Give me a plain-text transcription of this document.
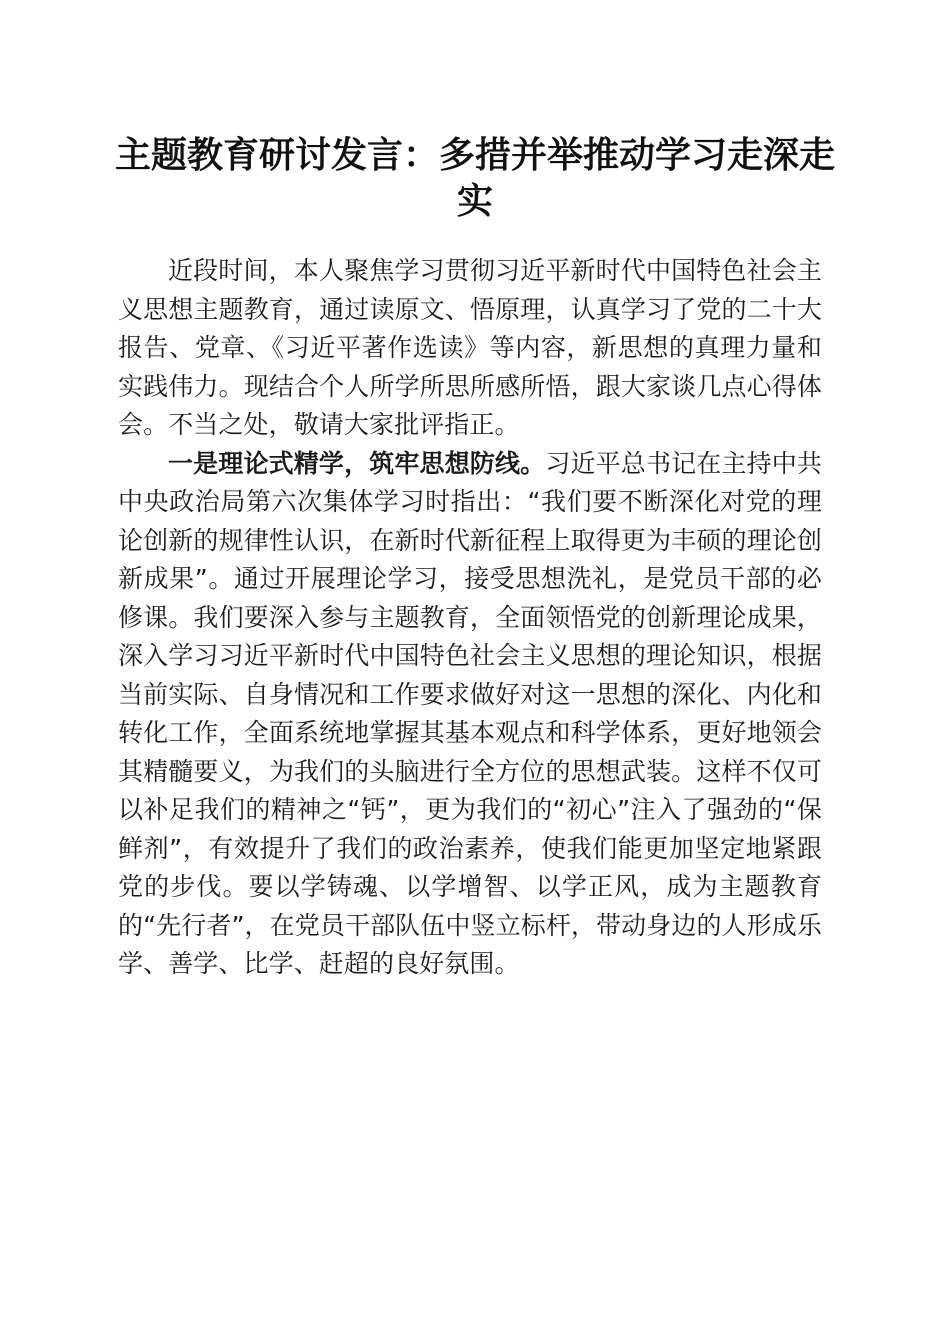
主题教育研讨发言：多措并举推动学习走深走实

近段时间，本人聚焦学习贯彻习近平新时代中国特色社会主义思想主题教育，通过读原文、悟原理，认真学习了党的二十大报告、党章、《习近平著作选读》等内容，新思想的真理力量和实践伟力。现结合个人所学所思所感所悟，跟大家谈几点心得体会。不当之处，敬请大家批评指正。

一是理论式精学，筑牢思想防线。习近平总书记在主持中共中央政治局第六次集体学习时指出：“我们要不断深化对党的理论创新的规律性认识，在新时代新征程上取得更为丰硕的理论创新成果”。通过开展理论学习，接受思想洗礼，是党员干部的必修课。我们要深入参与主题教育，全面领悟党的创新理论成果，深入学习习近平新时代中国特色社会主义思想的理论知识，根据当前实际、自身情况和工作要求做好对这一思想的深化、内化和转化工作，全面系统地掌握其基本观点和科学体系，更好地领会其精髓要义，为我们的头脑进行全方位的思想武装。这样不仅可以补足我们的精神之“钙”，更为我们的“初心”注入了强劲的“保鲜剂”，有效提升了我们的政治素养，使我们能更加坚定地紧跟党的步伐。要以学铸魂、以学增智、以学正风，成为主题教育的“先行者”，在党员干部队伍中竖立标杆，带动身边的人形成乐学、善学、比学、赶超的良好氛围。
